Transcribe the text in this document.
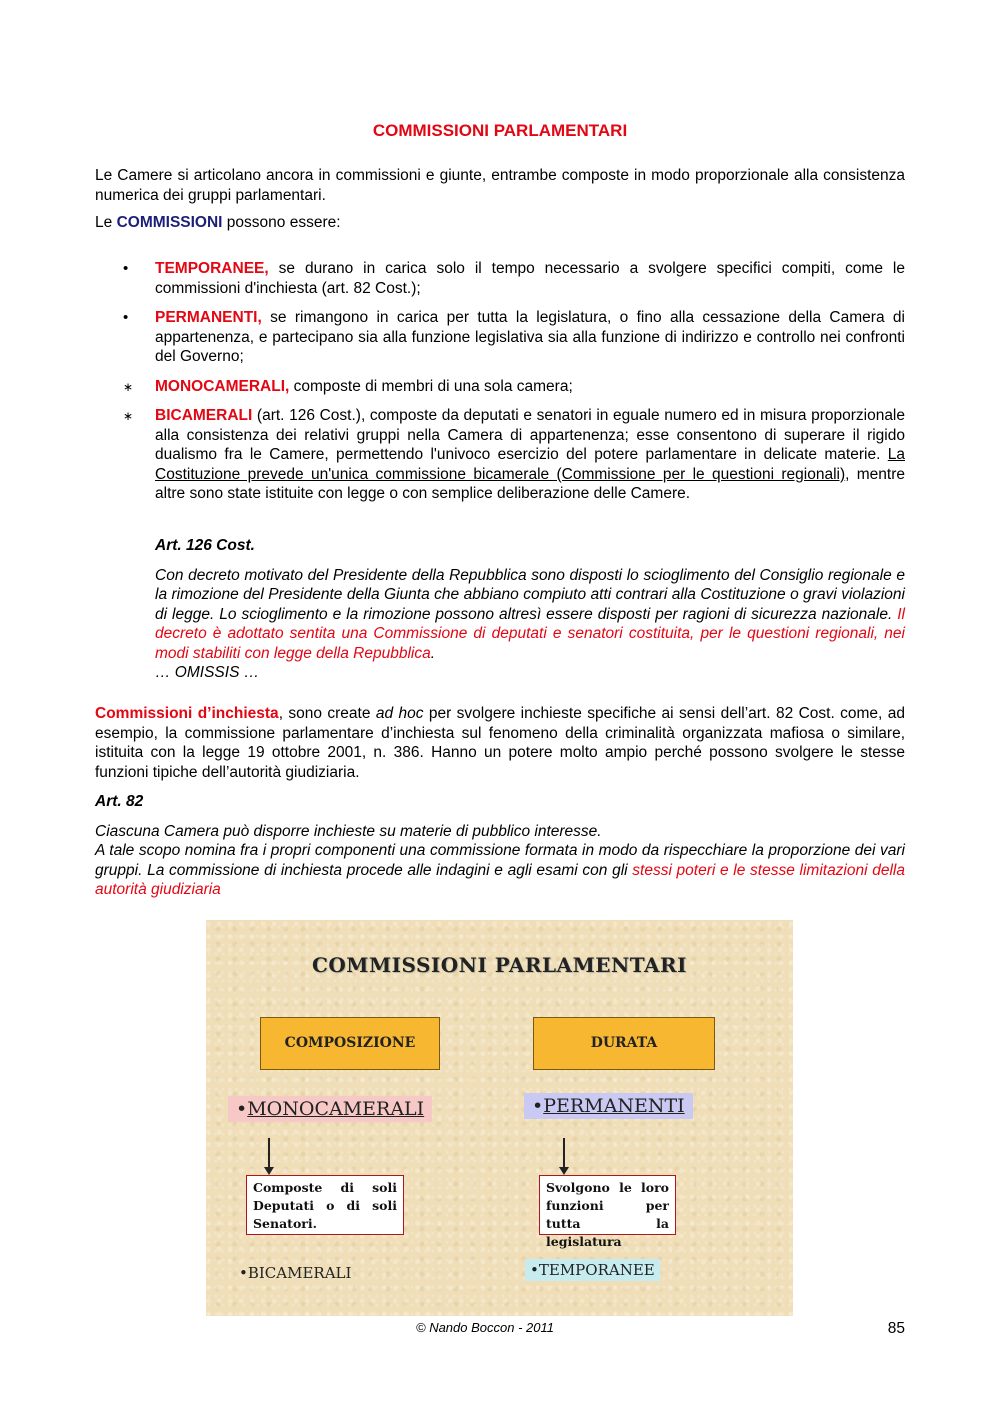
COMMISSIONI PARLAMENTARI

Le Camere si articolano ancora in commissioni e giunte, entrambe composte in modo proporzionale alla consistenza numerica dei gruppi parlamentari.

Le COMMISSIONI possono essere:

• TEMPORANEE, se durano in carica solo il tempo necessario a svolgere specifici compiti, come le commissioni d'inchiesta (art. 82 Cost.);
• PERMANENTI, se rimangono in carica per tutta la legislatura, o fino alla cessazione della Camera di appartenenza, e partecipano sia alla funzione legislativa sia alla funzione di indirizzo e controllo nei confronti del Governo;
∗ MONOCAMERALI, composte di membri di una sola camera;
∗ BICAMERALI (art. 126 Cost.), composte da deputati e senatori in eguale numero ed in misura proporzionale alla consistenza dei relativi gruppi nella Camera di appartenenza; esse consentono di superare il rigido dualismo fra le Camere, permettendo l'univoco esercizio del potere parlamentare in delicate materie. La Costituzione prevede un'unica commissione bicamerale (Commissione per le questioni regionali), mentre altre sono state istituite con legge o con semplice deliberazione delle Camere.

Art. 126 Cost.

Con decreto motivato del Presidente della Repubblica sono disposti lo scioglimento del Consiglio regionale e la rimozione del Presidente della Giunta che abbiano compiuto atti contrari alla Costituzione o gravi violazioni di legge. Lo scioglimento e la rimozione possono altresì essere disposti per ragioni di sicurezza nazionale. Il decreto è adottato sentita una Commissione di deputati e senatori costituita, per le questioni regionali, nei modi stabiliti con legge della Repubblica.

… OMISSIS …

Commissioni d’inchiesta, sono create ad hoc per svolgere inchieste specifiche ai sensi dell’art. 82 Cost. come, ad esempio, la commissione parlamentare d’inchiesta sul fenomeno della criminalità organizzata mafiosa o similare, istituita con la legge 19 ottobre 2001, n. 386. Hanno un potere molto ampio perché possono svolgere le stesse funzioni tipiche dell’autorità giudiziaria.

Art. 82

Ciascuna Camera può disporre inchieste su materie di pubblico interesse.

A tale scopo nomina fra i propri componenti una commissione formata in modo da rispecchiare la proporzione dei vari gruppi. La commissione di inchiesta procede alle indagini e agli esami con gli stessi poteri e le stesse limitazioni della autorità giudiziaria

COMMISSIONI PARLAMENTARI
COMPOSIZIONE	DURATA
•MONOCAMERALI	•PERMANENTI
Composte di soli Deputati o di soli Senatori.
Svolgono le loro funzioni per tutta la legislatura
•BICAMERALI	•TEMPORANEE
© Nando Boccon - 2011	85
